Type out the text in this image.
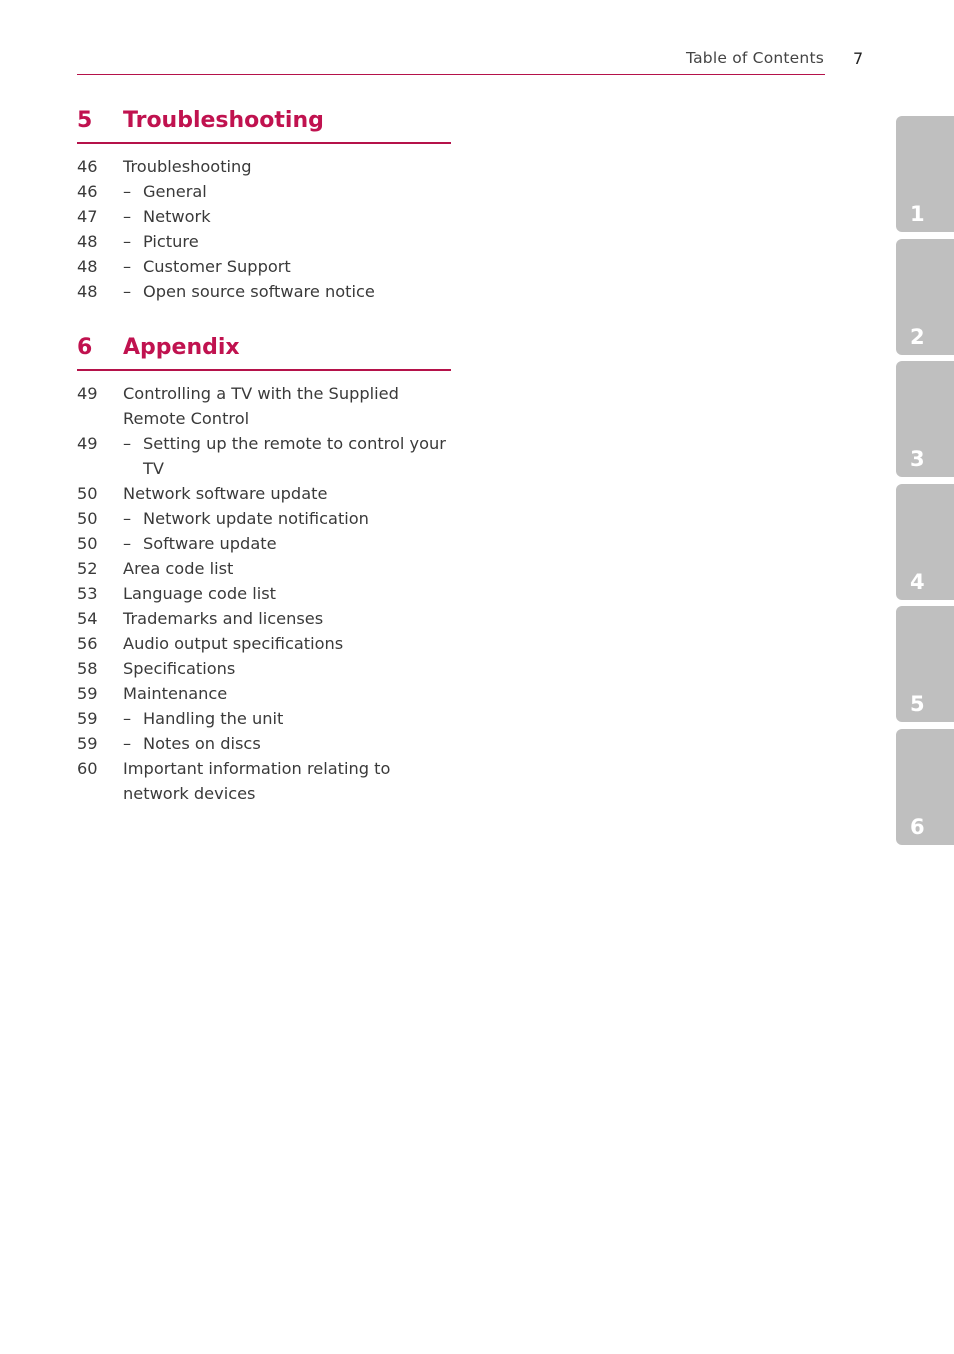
Table of Contents 7
5	Troubleshooting
46	Troubleshooting
46	– General
47	– Network
48	– Picture
48	– Customer Support
48	– Open source software notice
6	Appendix
49	Controlling a TV with the Supplied Remote Control
49	– Setting up the remote to control your TV
50	Network software update
50	– Network update notification
50	– Software update
52	Area code list
53	Language code list
54	Trademarks and licenses
56	Audio output specifications
58	Specifications
59	Maintenance
59	– Handling the unit
59	– Notes on discs
60	Important information relating to network devices
1
2
3
4
5
6
